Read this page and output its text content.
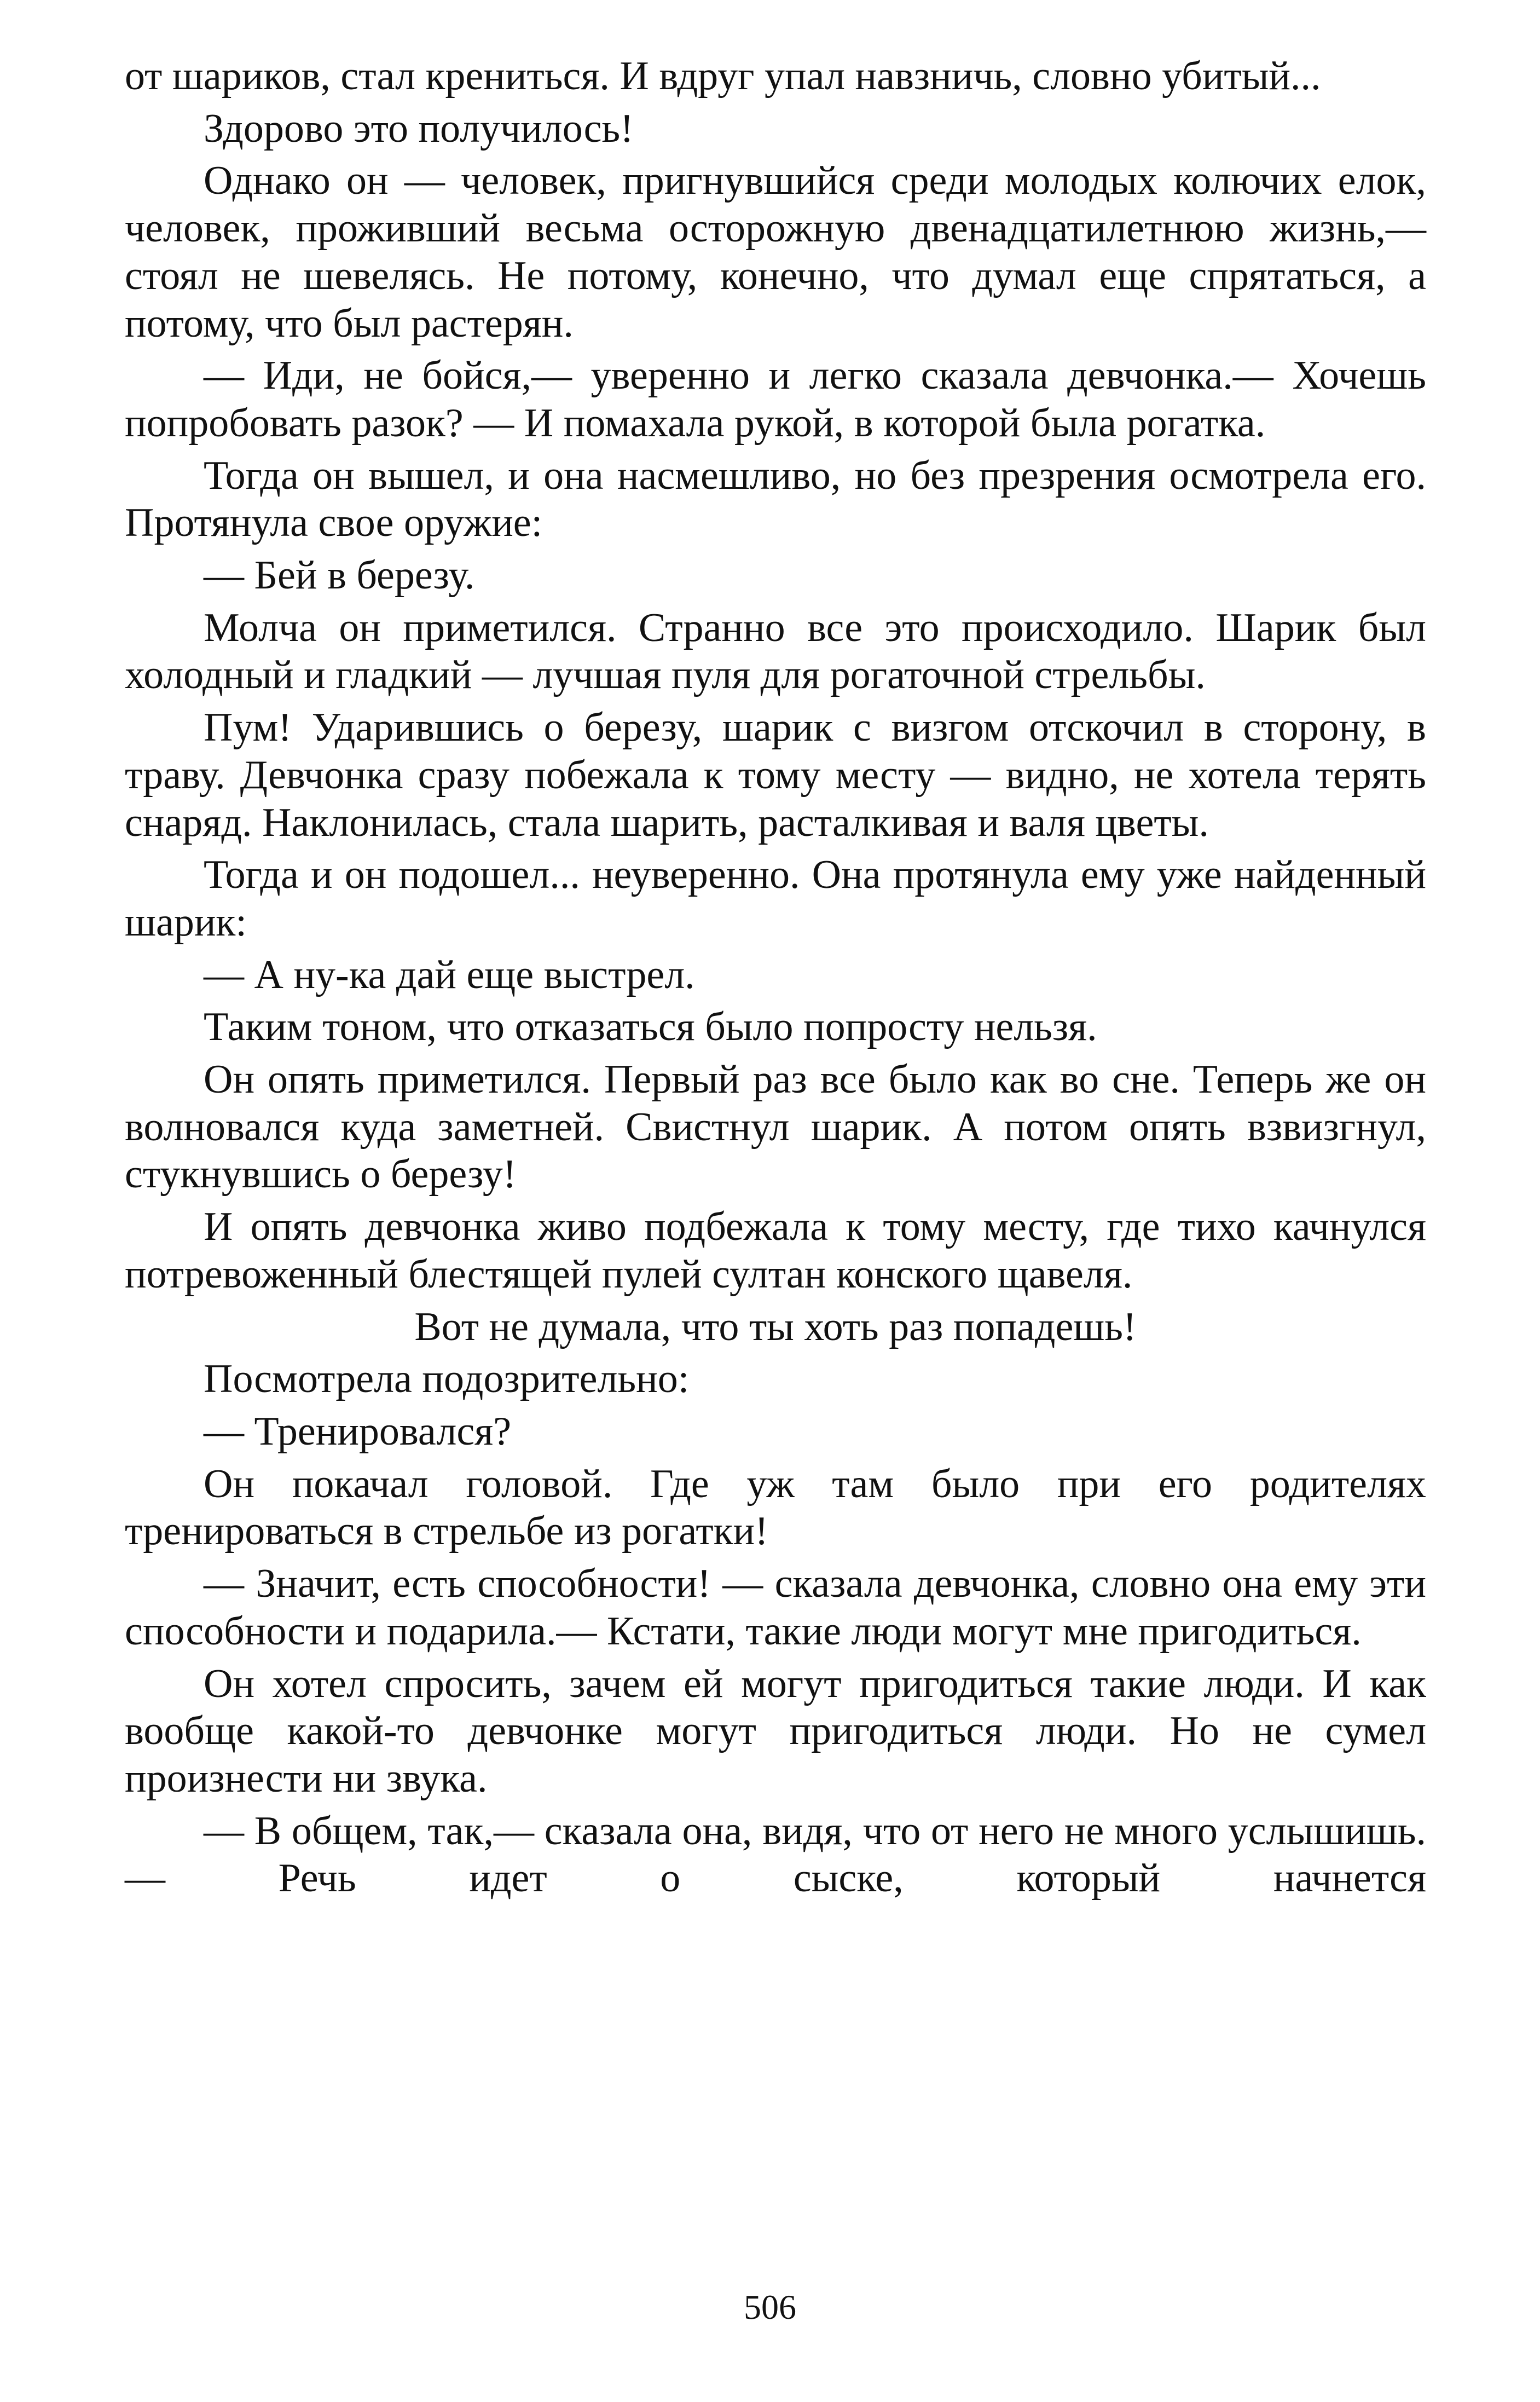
от шариков, стал крениться. И вдруг упал навзничь, словно убитый...

Здорово это получилось!

Однако он — человек, пригнувшийся среди молодых колючих елок, человек, проживший весьма осторожную двенадцатилетнюю жизнь,— стоял не шевелясь. Не потому, конечно, что думал еще спрятаться, а потому, что был растерян.

— Иди, не бойся,— уверенно и легко сказала девчонка.— Хочешь попробовать разок? — И помахала рукой, в которой была рогатка.

Тогда он вышел, и она насмешливо, но без презрения осмотрела его. Протянула свое оружие:

— Бей в березу.

Молча он приметился. Странно все это происходило. Шарик был холодный и гладкий — лучшая пуля для рогаточной стрельбы.

Пум! Ударившись о березу, шарик с визгом отскочил в сторону, в траву. Девчонка сразу побежала к тому месту — видно, не хотела терять снаряд. Наклонилась, стала шарить, расталкивая и валя цветы.

Тогда и он подошел... неуверенно. Она протянула ему уже найденный шарик:

— А ну-ка дай еще выстрел.

Таким тоном, что отказаться было попросту нельзя.

Он опять приметился. Первый раз все было как во сне. Теперь же он волновался куда заметней. Свистнул шарик. А потом опять взвизгнул, стукнувшись о березу!

И опять девчонка живо подбежала к тому месту, где тихо качнулся потревоженный блестящей пулей султан конского щавеля.

Вот не думала, что ты хоть раз попадешь!

Посмотрела подозрительно:

— Тренировался?

Он покачал головой. Где уж там было при его родителях тренироваться в стрельбе из рогатки!

— Значит, есть способности! — сказала девчонка, словно она ему эти способности и подарила.— Кстати, такие люди могут мне пригодиться.

Он хотел спросить, зачем ей могут пригодиться такие люди. И как вообще какой-то девчонке могут пригодиться люди. Но не сумел произнести ни звука.

— В общем, так,— сказала она, видя, что от него не много услышишь.— Речь идет о сыске, который начнется

506
